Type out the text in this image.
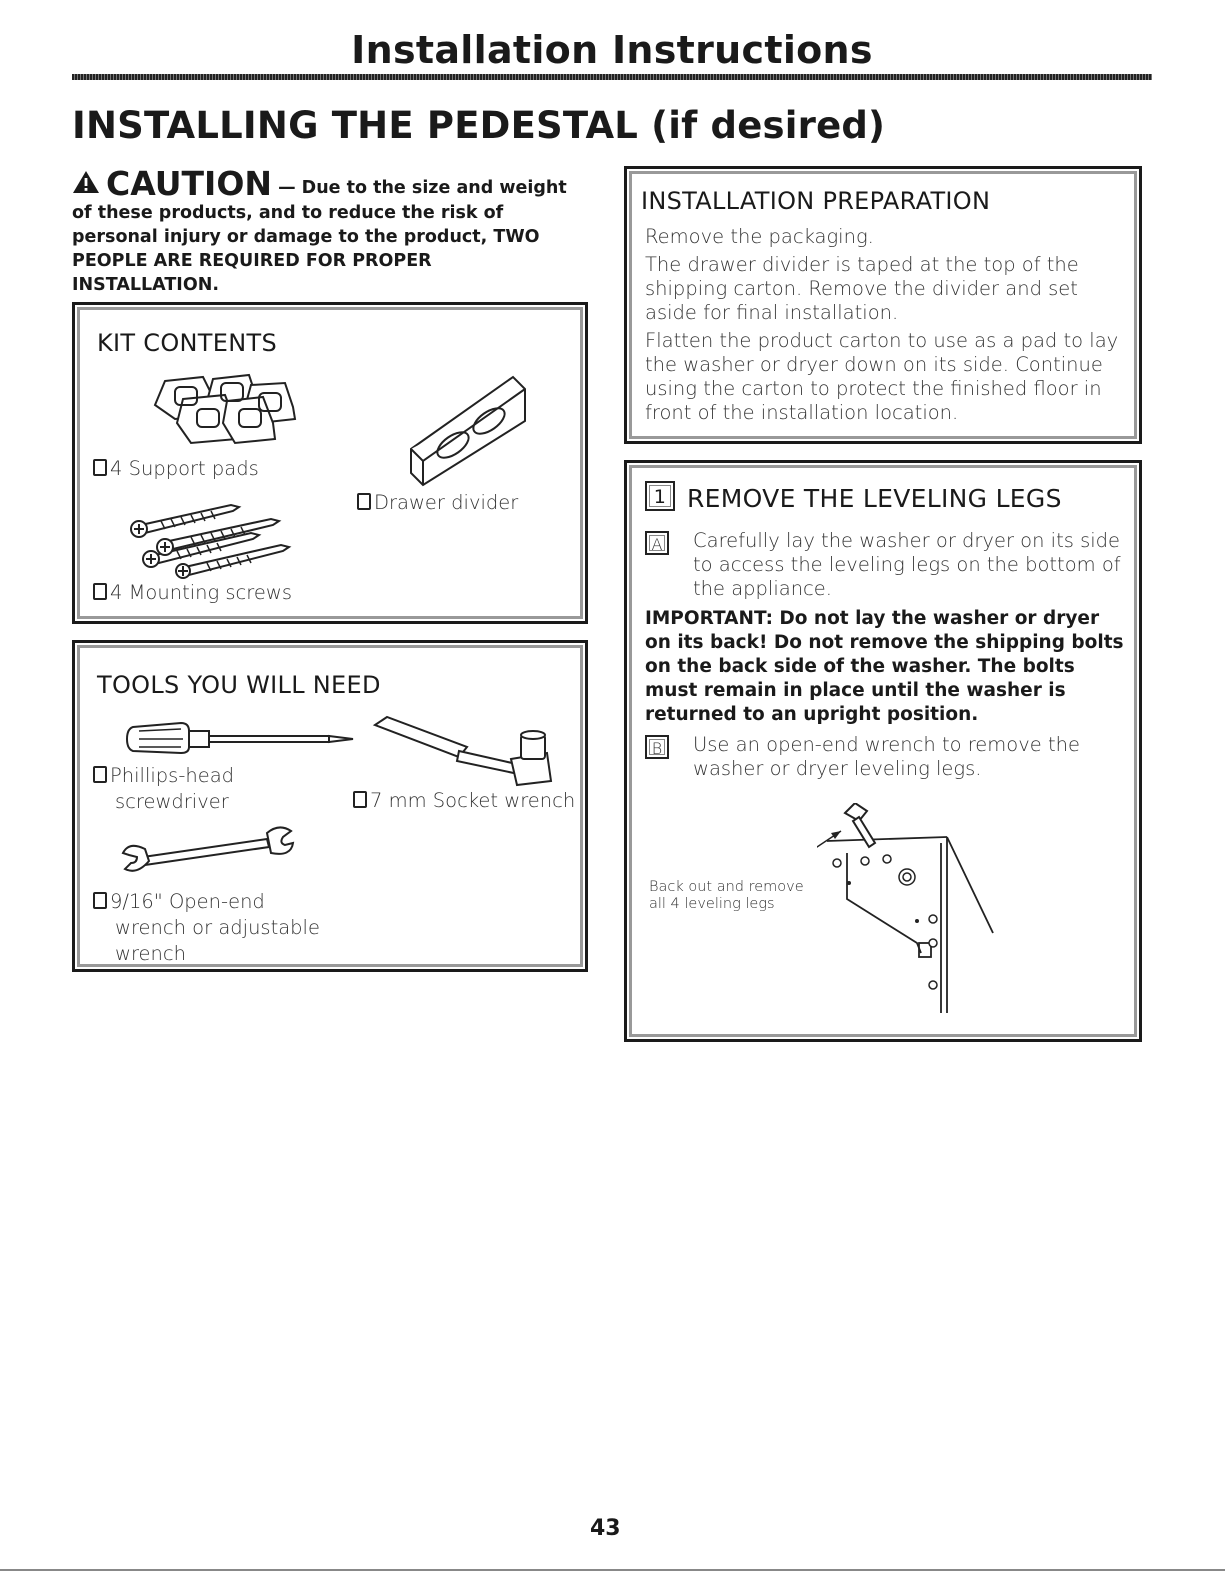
Installation Instructions
INSTALLING THE PEDESTAL (if desired)
CAUTION — Due to the size and weight of these products, and to reduce the risk of personal injury or damage to the product, TWO PEOPLE ARE REQUIRED FOR PROPER INSTALLATION.
KIT CONTENTS
4 Support pads
Drawer divider
4 Mounting screws
TOOLS YOU WILL NEED
Phillips-head
screwdriver	7 mm Socket wrench
9/16" Open-end
wrench or adjustable
wrench
INSTALLATION PREPARATION
Remove the packaging.
The drawer divider is taped at the top of the shipping carton. Remove the divider and set aside for final installation.
Flatten the product carton to use as a pad to lay the washer or dryer down on its side. Continue using the carton to protect the finished floor in front of the installation location.
1 REMOVE THE LEVELING LEGS
A	Carefully lay the washer or dryer on its side to access the leveling legs on the bottom of the appliance.
IMPORTANT: Do not lay the washer or dryer on its back! Do not remove the shipping bolts on the back side of the washer. The bolts must remain in place until the washer is returned to an upright position.
B	Use an open-end wrench to remove the washer or dryer leveling legs.
Back out and remove
all 4 leveling legs
43
